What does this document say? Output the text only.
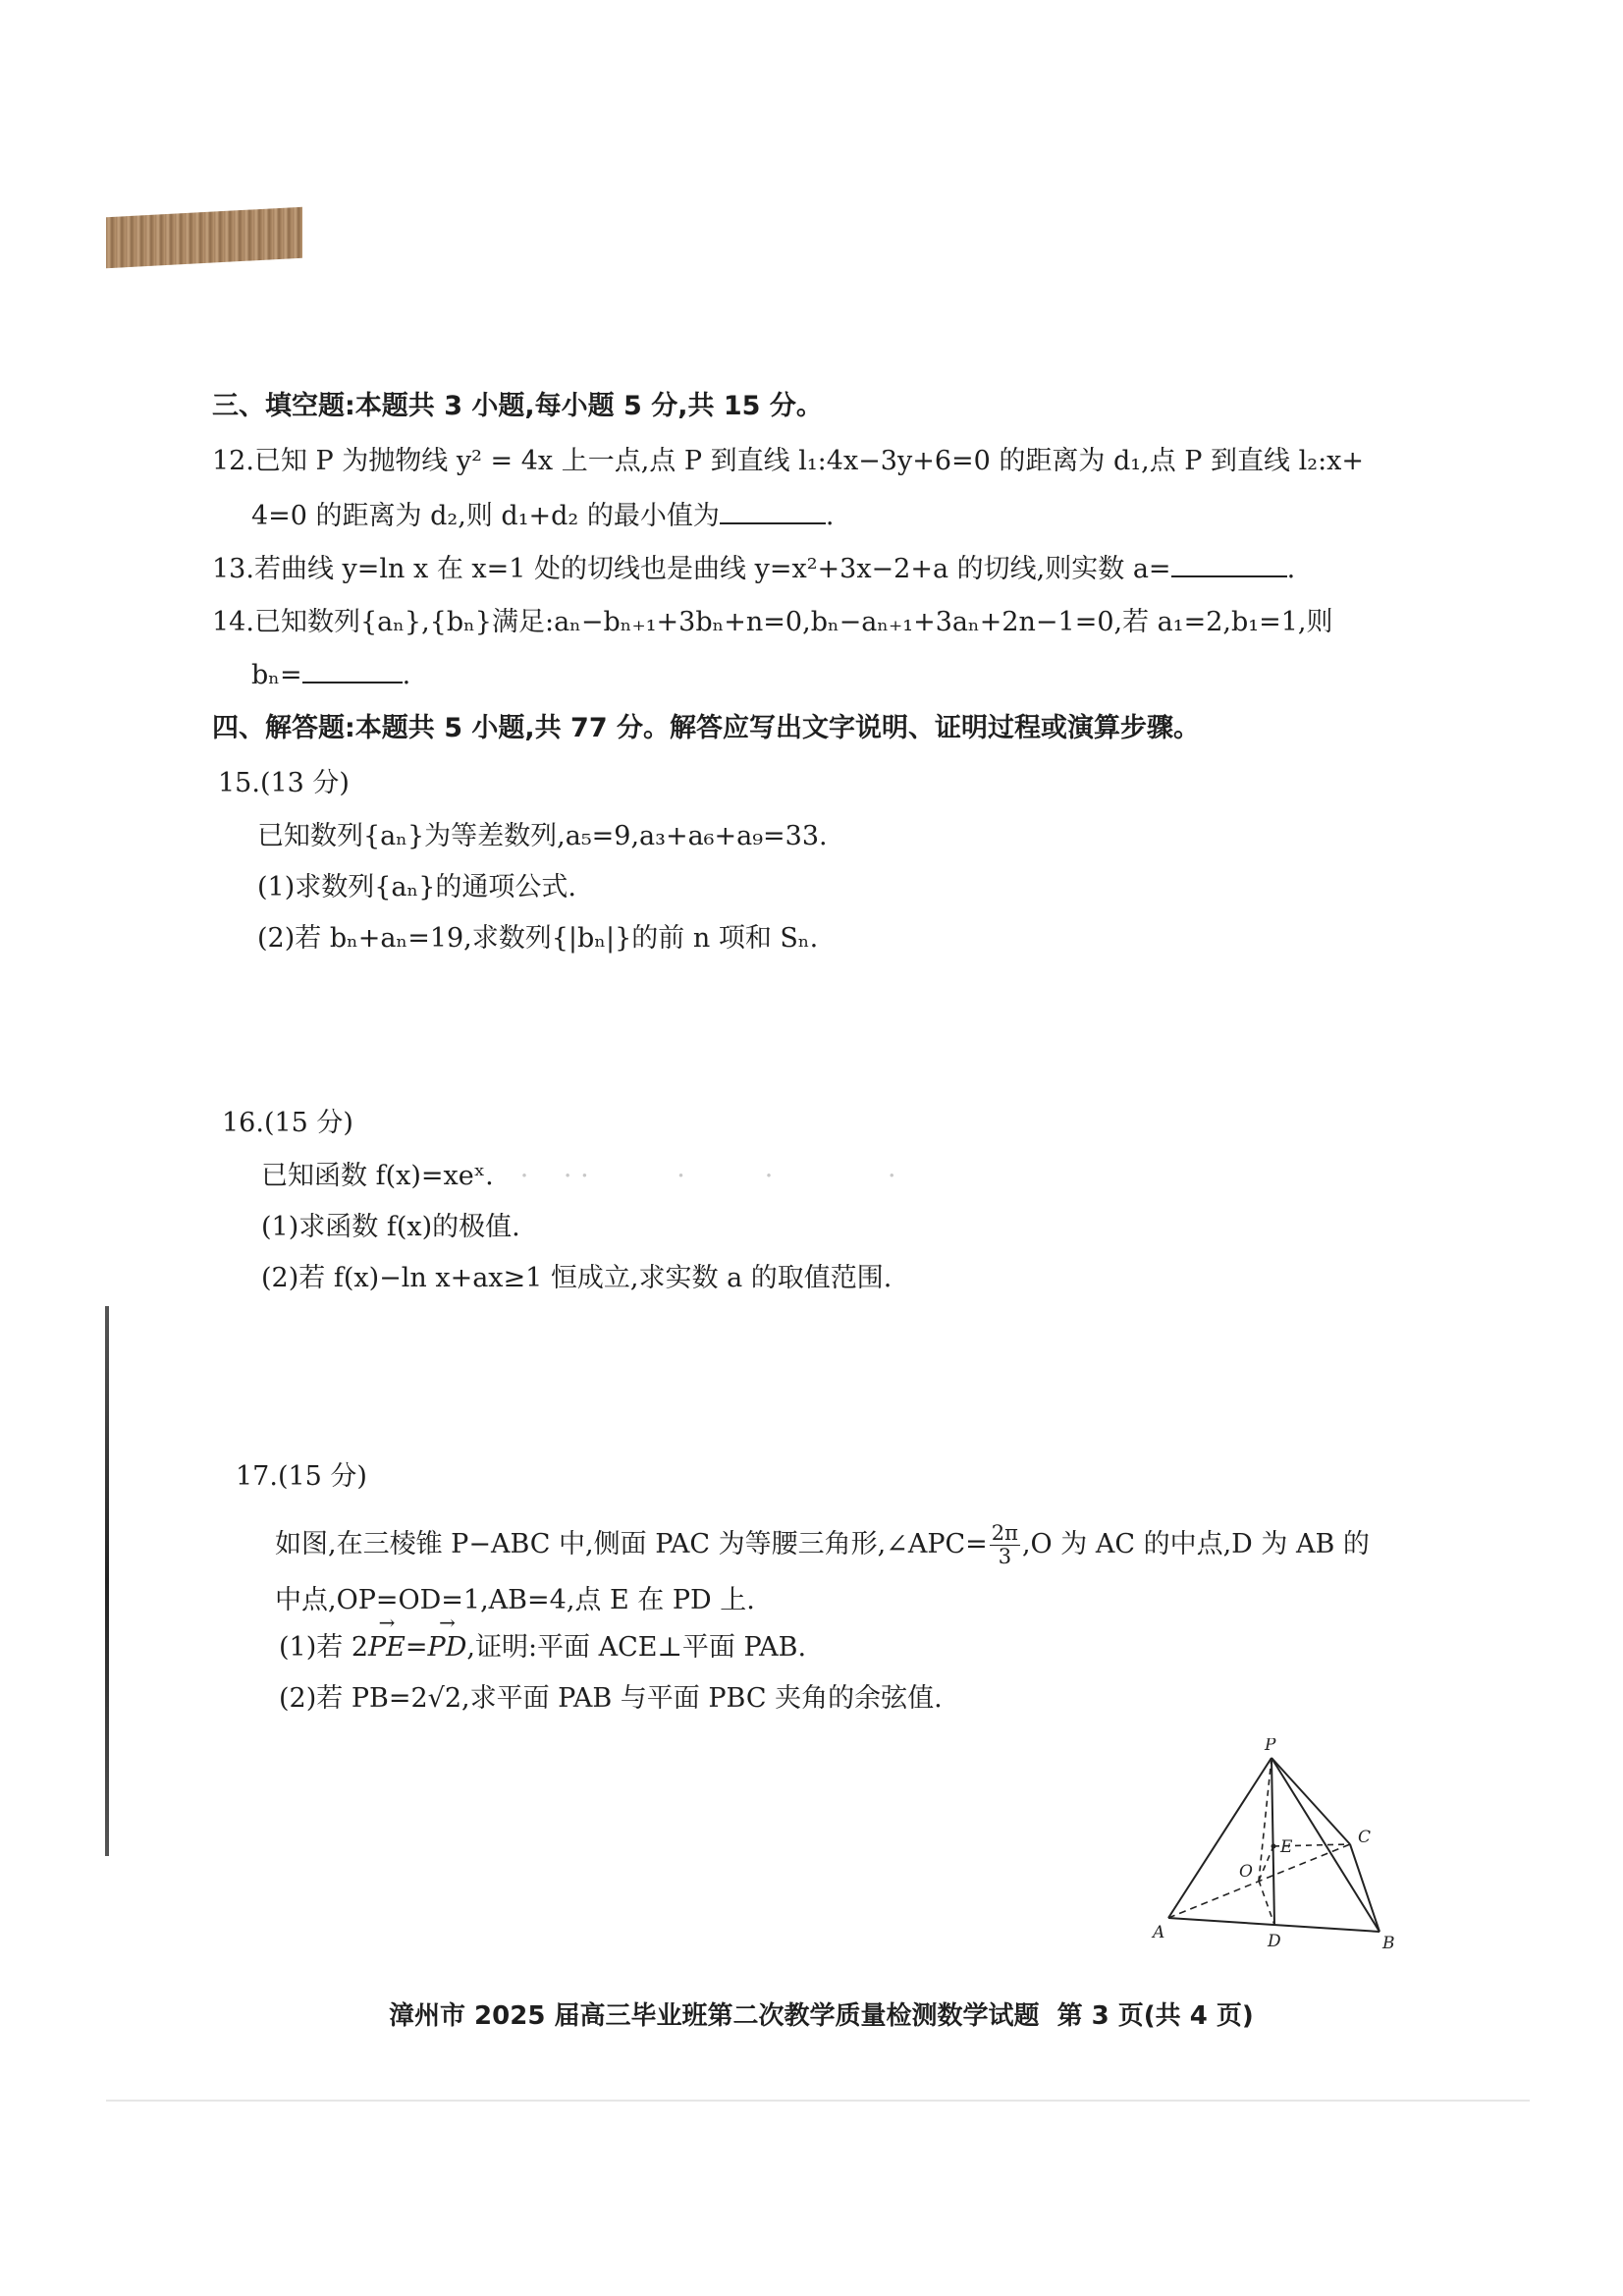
三、填空题:本题共 3 小题,每小题 5 分,共 15 分。
12.已知 P 为抛物线 y² = 4x 上一点,点 P 到直线 l₁:4x−3y+6=0 的距离为 d₁,点 P 到直线 l₂:x+
4=0 的距离为 d₂,则 d₁+d₂ 的最小值为	.
13.若曲线 y=ln x 在 x=1 处的切线也是曲线 y=x²+3x−2+a 的切线,则实数 a=	.
14.已知数列{aₙ},{bₙ}满足:aₙ−bₙ₊₁+3bₙ+n=0,bₙ−aₙ₊₁+3aₙ+2n−1=0,若 a₁=2,b₁=1,则
bₙ=	.
四、解答题:本题共 5 小题,共 77 分。解答应写出文字说明、证明过程或演算步骤。
15.(13 分)
已知数列{aₙ}为等差数列,a₅=9,a₃+a₆+a₉=33.
(1)求数列{aₙ}的通项公式.
(2)若 bₙ+aₙ=19,求数列{|bₙ|}的前 n 项和 Sₙ.
16.(15 分)
已知函数 f(x)=xeˣ.　·　 · ·　　　 ·　　　·　　　　 ·
(1)求函数 f(x)的极值.
(2)若 f(x)−ln x+ax≥1 恒成立,求实数 a 的取值范围.
17.(15 分)
如图,在三棱锥 P−ABC 中,侧面 PAC 为等腰三角形,∠APC= $\frac{2\pi}{3} ,O$ 为 AC 的中点,D 为 AB 的
中点,OP=OD=1,AB=4,点 E 在 PD 上.
(1)若 2→ PE=→ PD,证明:平面 ACE⊥平面 PAB.
(2)若 PB=2√2,求平面 PAB 与平面 PBC 夹角的余弦值.
P
A
B
C
D
E
O
漳州市 2025 届高三毕业班第二次教学质量检测数学试题 第 3 页(共 4 页)
